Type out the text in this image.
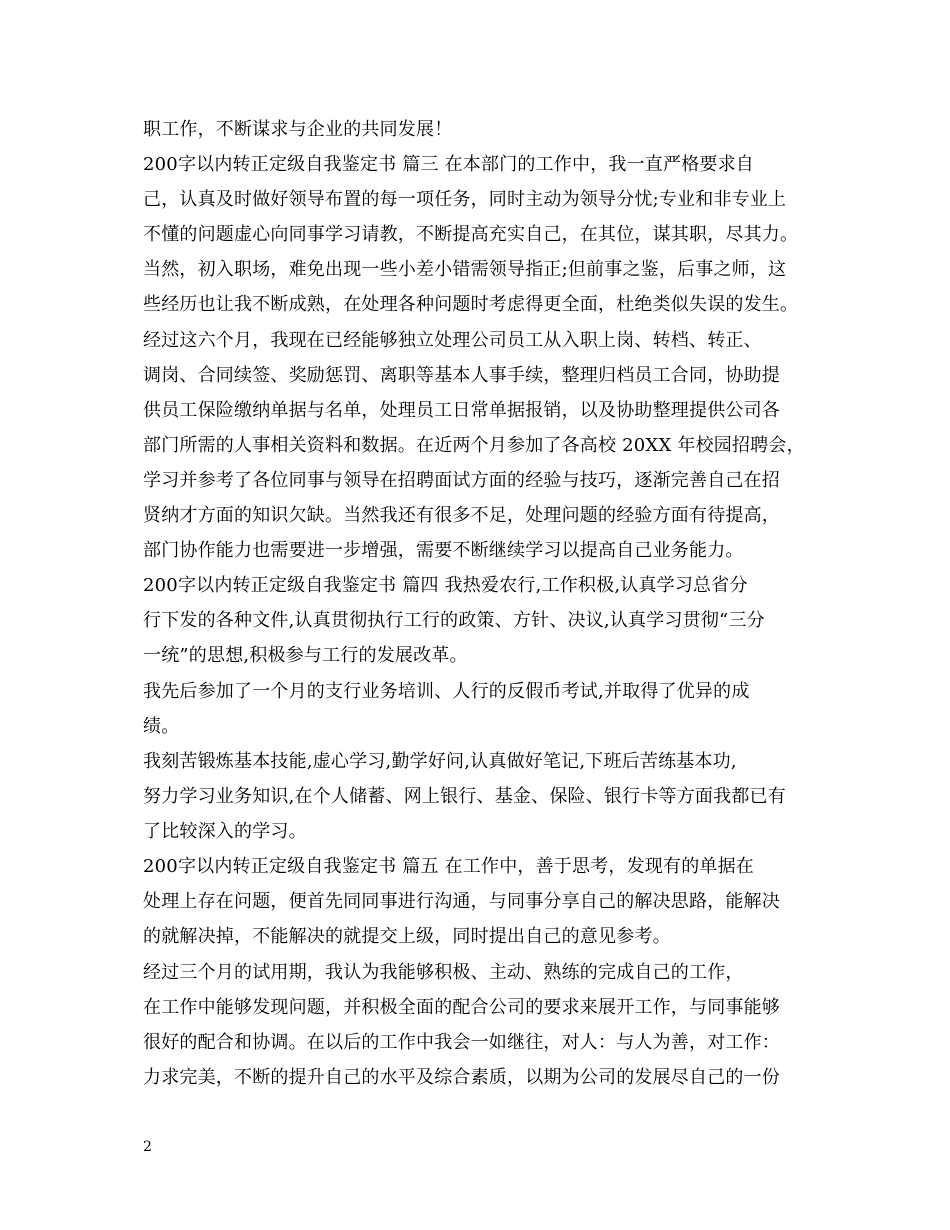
职工作，不断谋求与企业的共同发展！
200字以内转正定级自我鉴定书 篇三 在本部门的工作中，我一直严格要求自
己，认真及时做好领导布置的每一项任务，同时主动为领导分忧;专业和非专业上
不懂的问题虚心向同事学习请教，不断提高充实自己，在其位，谋其职，尽其力。
当然，初入职场，难免出现一些小差小错需领导指正;但前事之鉴，后事之师，这
些经历也让我不断成熟，在处理各种问题时考虑得更全面，杜绝类似失误的发生。
经过这六个月，我现在已经能够独立处理公司员工从入职上岗、转档、转正、
调岗、合同续签、奖励惩罚、离职等基本人事手续，整理归档员工合同，协助提
供员工保险缴纳单据与名单，处理员工日常单据报销，以及协助整理提供公司各
部门所需的人事相关资料和数据。在近两个月参加了各高校 20XX 年校园招聘会，
学习并参考了各位同事与领导在招聘面试方面的经验与技巧，逐渐完善自己在招
贤纳才方面的知识欠缺。当然我还有很多不足，处理问题的经验方面有待提高，
部门协作能力也需要进一步增强，需要不断继续学习以提高自己业务能力。
200字以内转正定级自我鉴定书 篇四 我热爱农行,工作积极,认真学习总省分
行下发的各种文件,认真贯彻执行工行的政策、方针、决议,认真学习贯彻“三分
一统”的思想,积极参与工行的发展改革。
我先后参加了一个月的支行业务培训、人行的反假币考试,并取得了优异的成
绩。
我刻苦锻炼基本技能,虚心学习,勤学好问,认真做好笔记,下班后苦练基本功,
努力学习业务知识,在个人储蓄、网上银行、基金、保险、银行卡等方面我都已有
了比较深入的学习。
200字以内转正定级自我鉴定书 篇五 在工作中，善于思考，发现有的单据在
处理上存在问题，便首先同同事进行沟通，与同事分享自己的解决思路，能解决
的就解决掉，不能解决的就提交上级，同时提出自己的意见参考。
经过三个月的试用期，我认为我能够积极、主动、熟练的完成自己的工作，
在工作中能够发现问题，并积极全面的配合公司的要求来展开工作，与同事能够
很好的配合和协调。在以后的工作中我会一如继往，对人：与人为善，对工作：
力求完美，不断的提升自己的水平及综合素质，以期为公司的发展尽自己的一份
2
